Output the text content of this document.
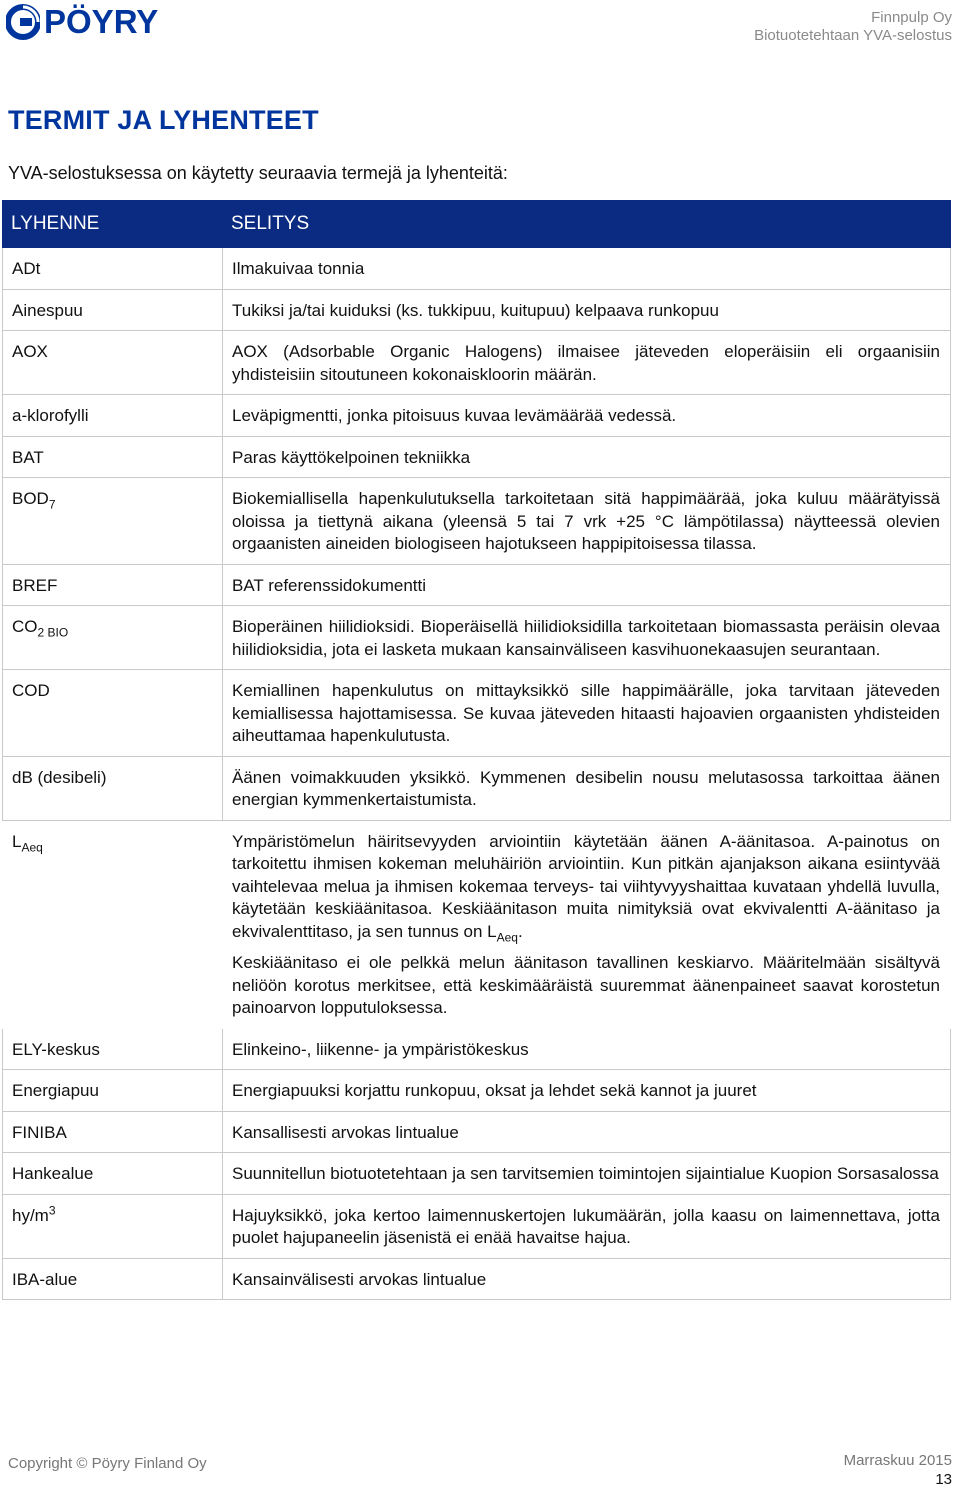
PÖYRY	Finnpulp Oy
Biotuotetehtaan YVA-selostus
TERMIT JA LYHENTEET
YVA-selostuksessa on käytetty seuraavia termejä ja lyhenteitä:
LYHENNE	SELITYS
ADt	Ilmakuivaa tonnia
Ainespuu	Tukiksi ja/tai kuiduksi (ks. tukkipuu, kuitupuu) kelpaava runkopuu
AOX	AOX (Adsorbable Organic Halogens) ilmaisee jäteveden eloperäisiin eli orgaanisiin yhdisteisiin sitoutuneen kokonaiskloorin määrän.
a-klorofylli	Leväpigmentti, jonka pitoisuus kuvaa levämäärää vedessä.
BAT	Paras käyttökelpoinen tekniikka
$BOD_7$	Biokemiallisella hapenkulutuksella tarkoitetaan sitä happimäärää, joka kuluu määrätyissä oloissa ja tiettynä aikana (yleensä 5 tai 7 vrk +25 °C lämpötilassa) näytteessä olevien orgaanisten aineiden biologiseen hajotukseen happipitoisessa tilassa.
BREF	BAT referenssidokumentti
$CO_{2 BIO}$	Bioperäinen hiilidioksidi. Bioperäisellä hiilidioksidilla tarkoitetaan biomassasta peräisin olevaa hiilidioksidia, jota ei lasketa mukaan kansainväliseen kasvihuonekaasujen seurantaan.
COD	Kemiallinen hapenkulutus on mittayksikkö sille happimäärälle, joka tarvitaan jäteveden kemiallisessa hajottamisessa. Se kuvaa jäteveden hitaasti hajoavien orgaanisten yhdisteiden aiheuttamaa hapenkulutusta.
dB (desibeli)	Äänen voimakkuuden yksikkö. Kymmenen desibelin nousu melutasossa tarkoittaa äänen energian kymmenkertaistumista.
$L_{Aeq}$	Ympäristömelun häiritsevyyden arviointiin käytetään äänen A-äänitasoa. A-painotus on tarkoitettu ihmisen kokeman meluhäiriön arviointiin. Kun pitkän ajanjakson aikana esiintyvää vaihtelevaa melua ja ihmisen kokemaa terveys- tai viihtyvyyshaittaa kuvataan yhdellä luvulla, käytetään keskiäänitasoa. Keskiäänitason muita nimityksiä ovat ekvivalentti A-äänitaso ja ekvivalenttitaso, ja sen tunnus on $L_{Aeq}$.
Keskiäänitaso ei ole pelkkä melun äänitason tavallinen keskiarvo. Määritelmään sisältyvä neliöön korotus merkitsee, että keskimääräistä suuremmat äänenpaineet saavat korostetun painoarvon lopputuloksessa.

ELY-keskus	Elinkeino-, liikenne- ja ympäristökeskus
Energiapuu	Energiapuuksi korjattu runkopuu, oksat ja lehdet sekä kannot ja juuret
FINIBA	Kansallisesti arvokas lintualue
Hankealue	Suunnitellun biotuotetehtaan ja sen tarvitsemien toimintojen sijaintialue Kuopion Sorsasalossa
$hy/m^3$	Hajuyksikkö, joka kertoo laimennuskertojen lukumäärän, jolla kaasu on laimennettava, jotta puolet hajupaneelin jäsenistä ei enää havaitse hajua.
IBA-alue	Kansainvälisesti arvokas lintualue
Copyright © Pöyry Finland Oy	Marraskuu 2015
13
